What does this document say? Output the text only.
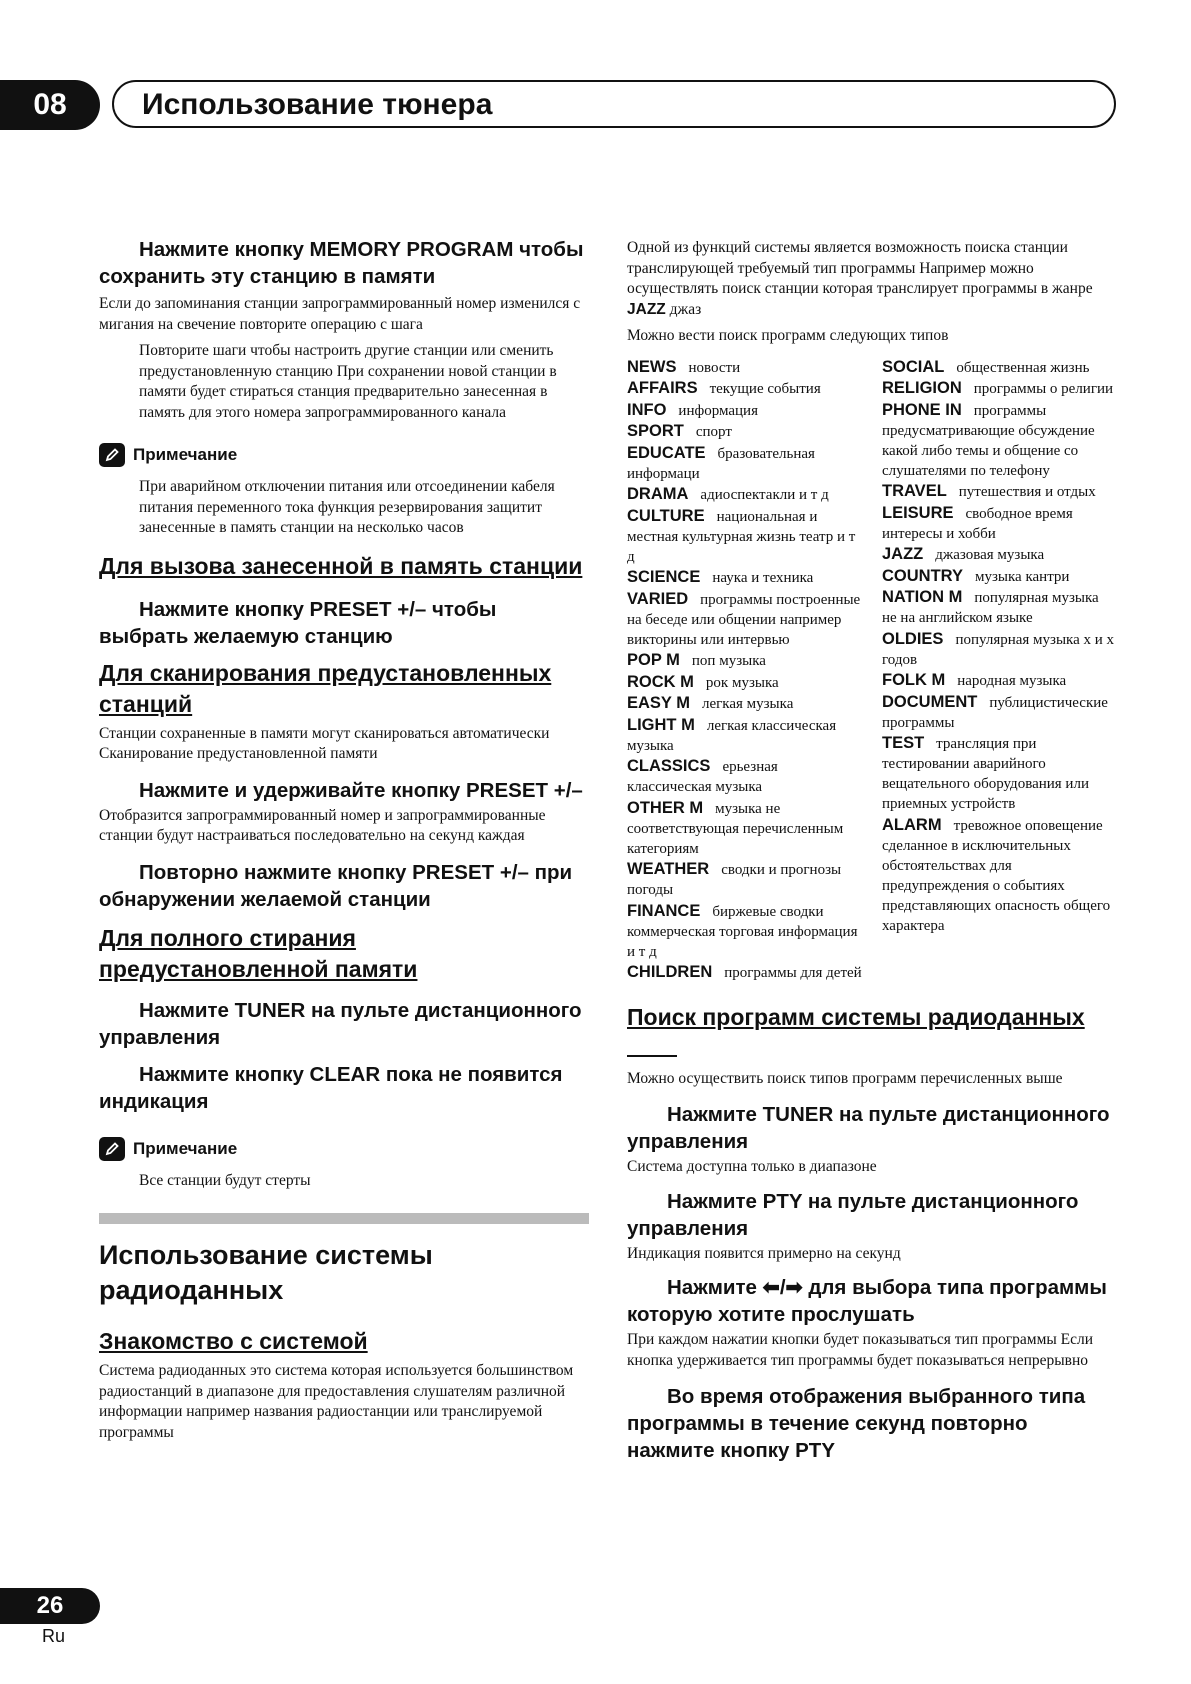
08	Использование тюнера

Нажмите кнопку MEMORY PROGRAM чтобы сохранить эту станцию в памяти

Если до запоминания станции запрограммированный номер изменился с мигания на свечение повторите операцию с шага

Повторите шаги чтобы настроить другие станции или сменить предустановленную станцию При сохранении новой станции в памяти будет стираться станция предварительно занесенная в память для этого номера запрограммированного канала

Примечание

При аварийном отключении питания или отсоединении кабеля питания переменного тока функция резервирования защитит занесенные в память станции на несколько часов

Для вызова занесенной в память станции

Нажмите кнопку PRESET +/– чтобы выбрать желаемую станцию

Для сканирования предустановленных станций

Станции сохраненные в памяти могут сканироваться автоматически Сканирование предустановленной памяти

Нажмите и удерживайте кнопку PRESET +/–

Отобразится запрограммированный номер и запрограммированные станции будут настраиваться последовательно на секунд каждая

Повторно нажмите кнопку PRESET +/– при обнаружении желаемой станции

Для полного стирания предустановленной памяти

Нажмите TUNER на пульте дистанционного управления

Нажмите кнопку CLEAR пока не появится индикация

Примечание

Все станции будут стерты

Использование системы радиоданных
Знакомство с системой

Система радиоданных это система которая используется большинством радиостанций в диапазоне для предоставления слушателям различной информации например названия радиостанции или транслируемой программы

Одной из функций системы является возможность поиска станции транслирующей требуемый тип программы Например можно осуществлять поиск станции которая транслирует программы в жанре JAZZ джаз

Можно вести поиск программ следующих типов

NEWS новости

AFFAIRS текущие события

INFO информация

SPORT спорт

EDUCATE бразовательная информаци

DRAMA адиоспектакли и т д

CULTURE национальная и местная культурная жизнь театр и т д

SCIENCE наука и техника

VARIED программы построенные на беседе или общении например викторины или интервью

POP M поп музыка

ROCK M рок музыка

EASY M легкая музыка

LIGHT M легкая классическая музыка

CLASSICS ерьезная классическая музыка

OTHER M музыка не соответствующая перечисленным категориям

WEATHER сводки и прогнозы погоды

FINANCE биржевые сводки коммерческая торговая информация и т д

CHILDREN программы для детей

SOCIAL общественная жизнь

RELIGION программы о религии

PHONE IN программы предусматривающие обсуждение какой либо темы и общение со слушателями по телефону

TRAVEL путешествия и отдых

LEISURE свободное время интересы и хобби

JAZZ джазовая музыка

COUNTRY музыка кантри

NATION M популярная музыка не на английском языке

OLDIES популярная музыка х и х годов

FOLK M народная музыка

DOCUMENT публицистические программы

TEST трансляция при тестировании аварийного вещательного оборудования или приемных устройств

ALARM тревожное оповещение сделанное в исключительных обстоятельствах для предупреждения о событиях представляющих опасность общего характера

Поиск программ системы радиоданных

Можно осуществить поиск типов программ перечисленных выше

Нажмите TUNER на пульте дистанционного управления

Система доступна только в диапазоне

Нажмите PTY на пульте дистанционного управления

Индикация появится примерно на секунд

Нажмите ⬅/➡ для выбора типа программы которую хотите прослушать

При каждом нажатии кнопки будет показываться тип программы Если кнопка удерживается тип программы будет показываться непрерывно

Во время отображения выбранного типа программы в течение секунд повторно нажмите кнопку PTY

26
Ru
